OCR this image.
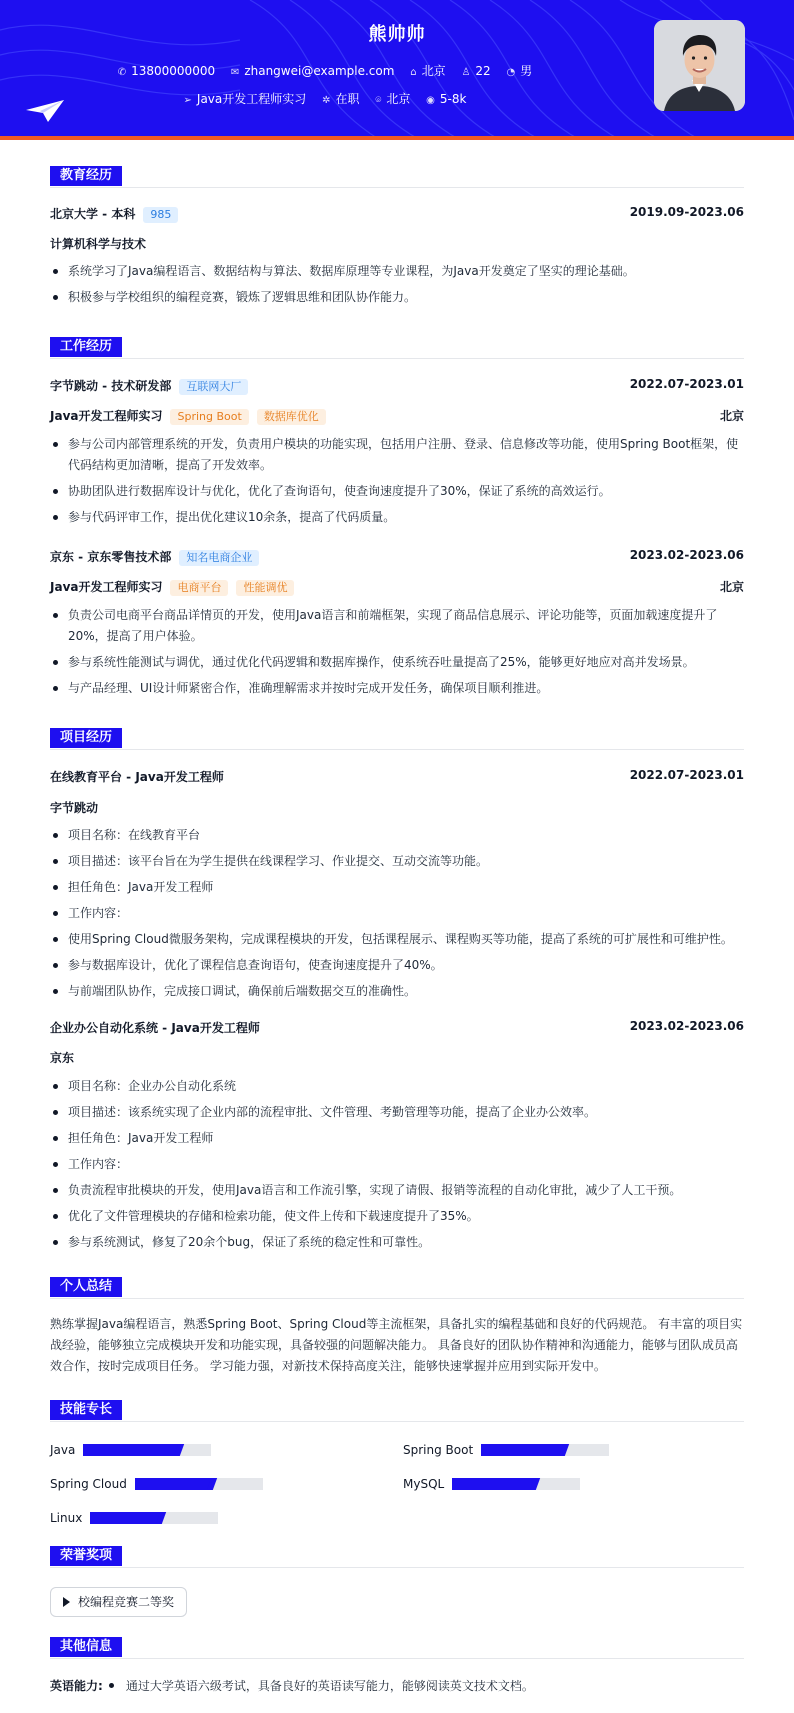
熊帅帅
✆ 13800000000 ✉ zhangwei@example.com ⌂ 北京 ♙ 22 ◔ 男
➢ Java开发工程师实习 ✲ 在职 ⌾ 北京 ◉ 5-8k
教育经历
北京大学 - 本科 985	2019.09-2023.06
计算机科学与技术
系统学习了Java编程语言、数据结构与算法、数据库原理等专业课程，为Java开发奠定了坚实的理论基础。
积极参与学校组织的编程竞赛，锻炼了逻辑思维和团队协作能力。
工作经历
字节跳动 - 技术研发部 互联网大厂	2022.07-2023.01
Java开发工程师实习 Spring Boot 数据库优化	北京
参与公司内部管理系统的开发，负责用户模块的功能实现，包括用户注册、登录、信息修改等功能，使用Spring Boot框架，使代码结构更加清晰，提高了开发效率。
协助团队进行数据库设计与优化，优化了查询语句，使查询速度提升了30%，保证了系统的高效运行。
参与代码评审工作，提出优化建议10余条，提高了代码质量。
京东 - 京东零售技术部 知名电商企业	2023.02-2023.06
Java开发工程师实习 电商平台 性能调优	北京
负责公司电商平台商品详情页的开发，使用Java语言和前端框架，实现了商品信息展示、评论功能等，页面加载速度提升了20%，提高了用户体验。
参与系统性能测试与调优，通过优化代码逻辑和数据库操作，使系统吞吐量提高了25%，能够更好地应对高并发场景。
与产品经理、UI设计师紧密合作，准确理解需求并按时完成开发任务，确保项目顺利推进。
项目经历
在线教育平台 - Java开发工程师	2022.07-2023.01
字节跳动
项目名称：在线教育平台
项目描述：该平台旨在为学生提供在线课程学习、作业提交、互动交流等功能。
担任角色：Java开发工程师
工作内容：
使用Spring Cloud微服务架构，完成课程模块的开发，包括课程展示、课程购买等功能，提高了系统的可扩展性和可维护性。
参与数据库设计，优化了课程信息查询语句，使查询速度提升了40%。
与前端团队协作，完成接口调试，确保前后端数据交互的准确性。
企业办公自动化系统 - Java开发工程师	2023.02-2023.06
京东
项目名称：企业办公自动化系统
项目描述：该系统实现了企业内部的流程审批、文件管理、考勤管理等功能，提高了企业办公效率。
担任角色：Java开发工程师
工作内容：
负责流程审批模块的开发，使用Java语言和工作流引擎，实现了请假、报销等流程的自动化审批，减少了人工干预。
优化了文件管理模块的存储和检索功能，使文件上传和下载速度提升了35%。
参与系统测试，修复了20余个bug，保证了系统的稳定性和可靠性。
个人总结
熟练掌握Java编程语言，熟悉Spring Boot、Spring Cloud等主流框架，具备扎实的编程基础和良好的代码规范。 有丰富的项目实战经验，能够独立完成模块开发和功能实现，具备较强的问题解决能力。 具备良好的团队协作精神和沟通能力，能够与团队成员高效合作，按时完成项目任务。 学习能力强，对新技术保持高度关注，能够快速掌握并应用到实际开发中。
技能专长
Java	Spring Boot
Spring Cloud	MySQL
Linux
荣誉奖项
校编程竞赛二等奖
其他信息
英语能力: 通过大学英语六级考试，具备良好的英语读写能力，能够阅读英文技术文档。
